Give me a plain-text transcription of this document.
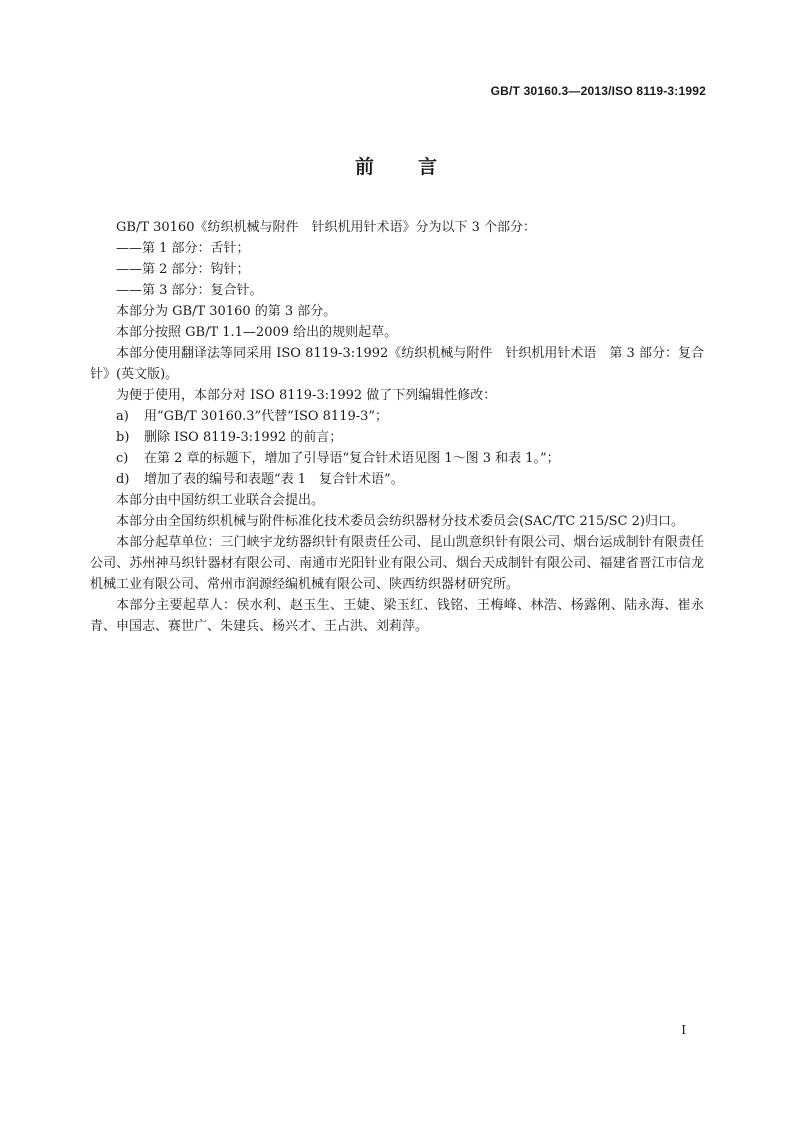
GB/T 30160.3—2013/ISO 8119-3:1992
前 言

GB/T 30160《纺织机械与附件　针织机用针术语》分为以下 3 个部分：

——第 1 部分：舌针；

——第 2 部分：钩针；

——第 3 部分：复合针。

本部分为 GB/T 30160 的第 3 部分。

本部分按照 GB/T 1.1—2009 给出的规则起草。

本部分使用翻译法等同采用 ISO 8119-3:1992《纺织机械与附件　针织机用针术语　第 3 部分：复合针》(英文版)。

为便于使用，本部分对 ISO 8119-3:1992 做了下列编辑性修改：

a) 用“GB/T 30160.3”代替“ISO 8119-3”；

b) 删除 ISO 8119-3:1992 的前言；

c) 在第 2 章的标题下，增加了引导语“复合针术语见图 1～图 3 和表 1。”；

d) 增加了表的编号和表题“表 1　复合针术语”。

本部分由中国纺织工业联合会提出。

本部分由全国纺织机械与附件标准化技术委员会纺织器材分技术委员会(SAC/TC 215/SC 2)归口。

本部分起草单位：三门峡宇龙纺器织针有限责任公司、昆山凯意织针有限公司、烟台运成制针有限责任公司、苏州神马织针器材有限公司、南通市光阳针业有限公司、烟台天成制针有限公司、福建省晋江市信龙机械工业有限公司、常州市润源经编机械有限公司、陕西纺织器材研究所。

本部分主要起草人：侯水利、赵玉生、王婕、梁玉红、钱铭、王梅峰、林浩、杨露俐、陆永海、崔永青、申国志、赛世广、朱建兵、杨兴才、王占洪、刘莉萍。

I
